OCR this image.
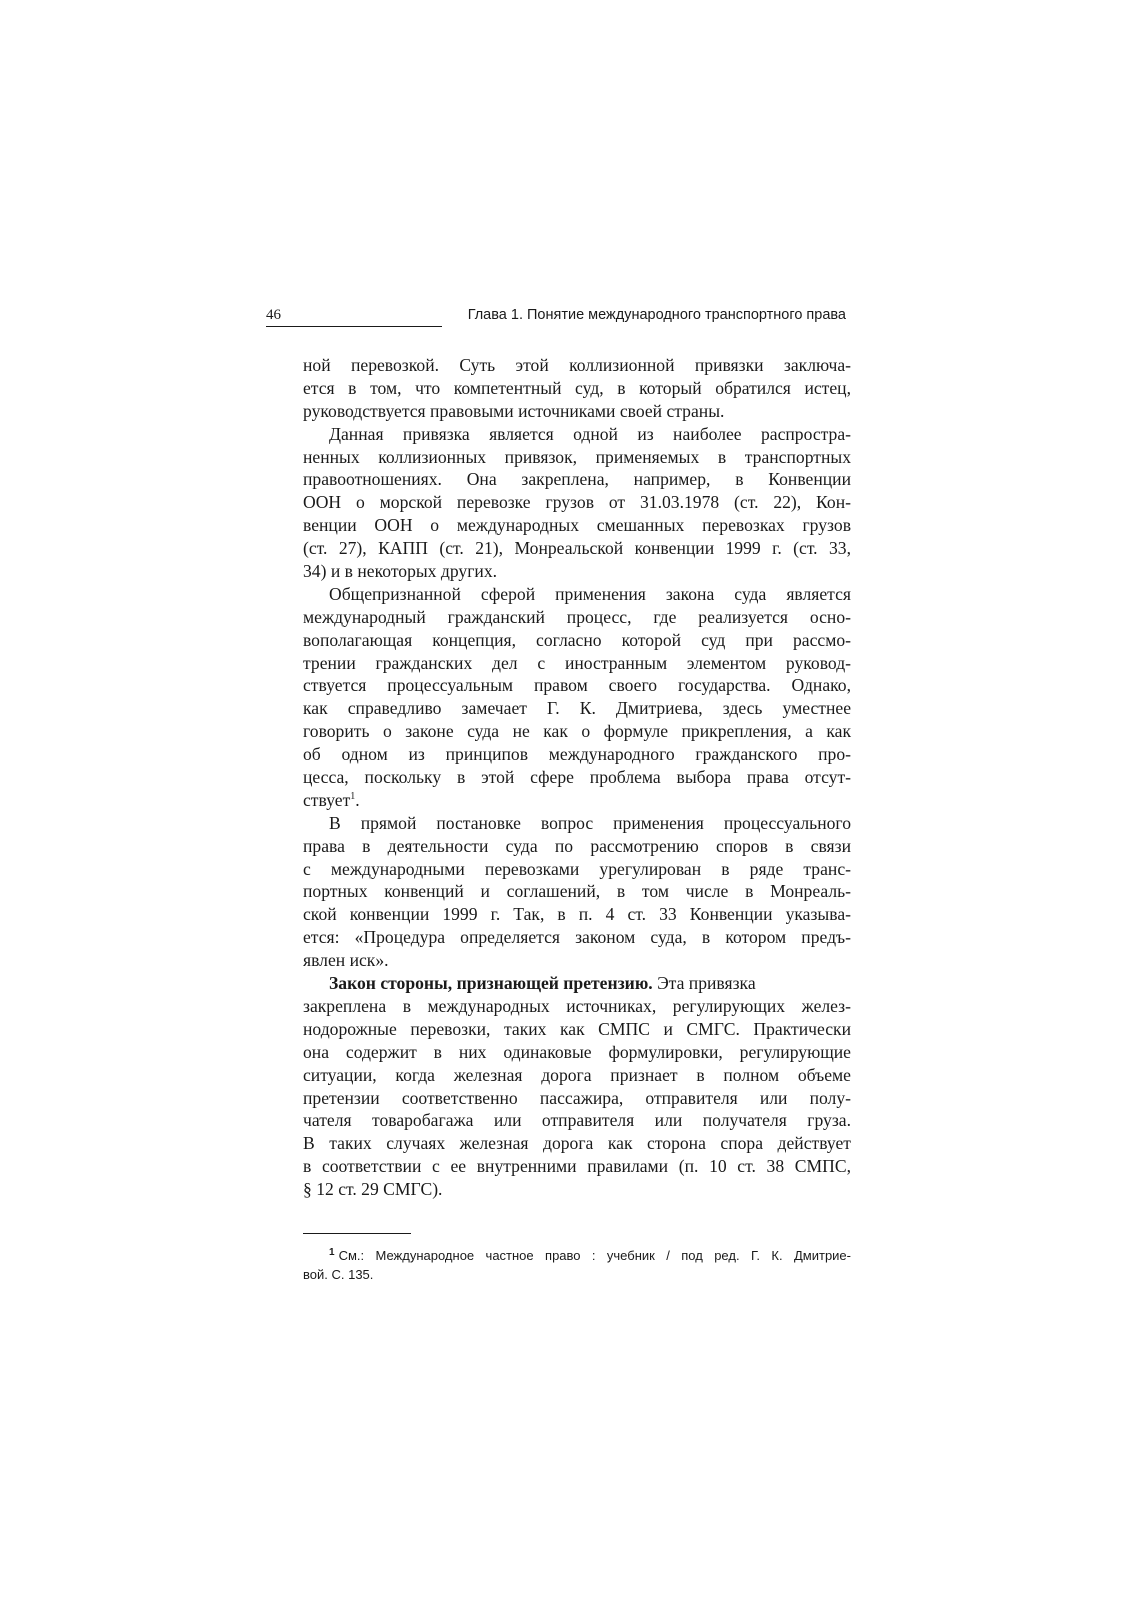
46	Глава 1. Понятие международного транспортного права
ной перевозкой. Суть этой коллизионной привязки заключа-
ется в том, что компетентный суд, в который обратился истец,
руководствуется правовыми источниками своей страны.
Данная привязка является одной из наиболее распростра-
ненных коллизионных привязок, применяемых в транспортных
правоотношениях. Она закреплена, например, в Конвенции
ООН о морской перевозке грузов от 31.03.1978 (ст. 22), Кон-
венции ООН о международных смешанных перевозках грузов
(ст. 27), КАПП (ст. 21), Монреальской конвенции 1999 г. (ст. 33,
34) и в некоторых других.
Общепризнанной сферой применения закона суда является
международный гражданский процесс, где реализуется осно-
вополагающая концепция, согласно которой суд при рассмо-
трении гражданских дел с иностранным элементом руковод-
ствуется процессуальным правом своего государства. Однако,
как справедливо замечает Г. К. Дмитриева, здесь уместнее
говорить о законе суда не как о формуле прикрепления, а как
об одном из принципов международного гражданского про-
цесса, поскольку в этой сфере проблема выбора права отсут-
ствует$^1$.
В прямой постановке вопрос применения процессуального
права в деятельности суда по рассмотрению споров в связи
с международными перевозками урегулирован в ряде транс-
портных конвенций и соглашений, в том числе в Монреаль-
ской конвенции 1999 г. Так, в п. 4 ст. 33 Конвенции указыва-
ется: «Процедура определяется законом суда, в котором предъ-
явлен иск».
Закон стороны, признающей претензию. Эта привязка
закреплена в международных источниках, регулирующих желез-
нодорожные перевозки, таких как СМПС и СМГС. Практически
она содержит в них одинаковые формулировки, регулирующие
ситуации, когда железная дорога признает в полном объеме
претензии соответственно пассажира, отправителя или полу-
чателя товаробагажа или отправителя или получателя груза.
В таких случаях железная дорога как сторона спора действует
в соответствии с ее внутренними правилами (п. 10 ст. 38 СМПС,
§ 12 ст. 29 СМГС).
$^1$ См.: Международное частное право : учебник / под ред. Г. К. Дмитрие-
вой. С. 135.
